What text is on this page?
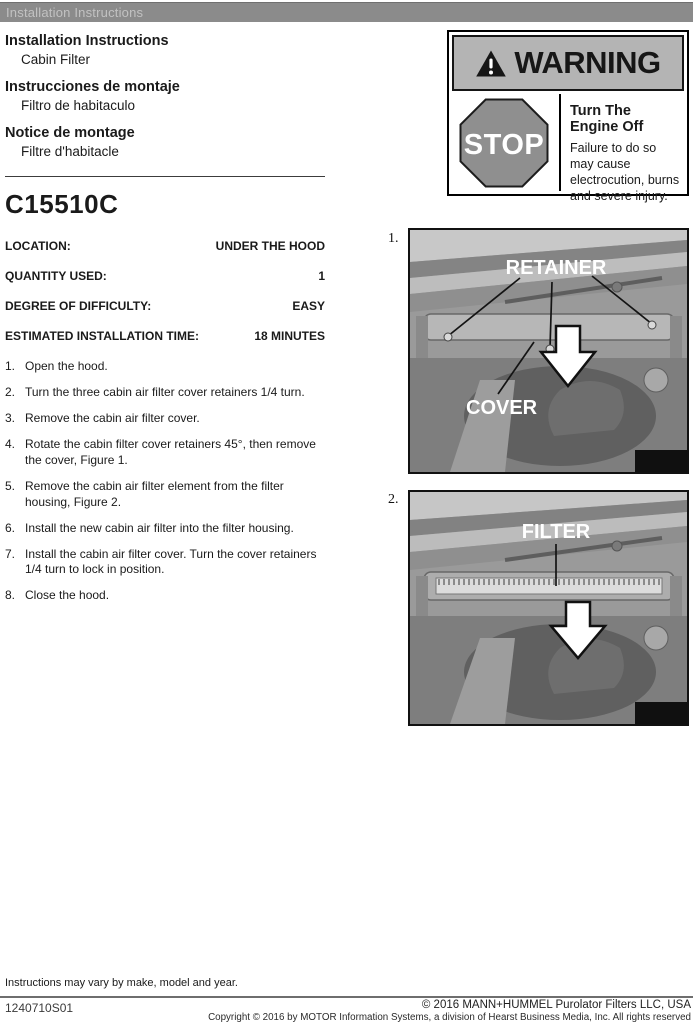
Installation Instructions
Installation Instructions
Cabin Filter
Instrucciones de montaje
Filtro de habitaculo
Notice de montage
Filtre d'habitacle
C15510C
LOCATION:	UNDER THE HOOD
QUANTITY USED:	1
DEGREE OF DIFFICULTY:	EASY
ESTIMATED INSTALLATION TIME:	18 MINUTES
1. Open the hood.
2. Turn the three cabin air filter cover retainers 1/4 turn.
3. Remove the cabin air filter cover.
4. Rotate the cabin filter cover retainers 45°, then remove the cover, Figure 1.
5. Remove the cabin air filter element from the filter housing, Figure 2.
6. Install the new cabin air filter into the filter housing.
7. Install the cabin air filter cover. Turn the cover retainers 1/4 turn to lock in position.
8. Close the hood.
WARNING
STOP
Turn The Engine Off
Failure to do so may cause electrocution, burns and severe injury.
1.
RETAINER
COVER
2.
FILTER
Instructions may vary by make, model and year.
1240710S01	© 2016 MANN+HUMMEL Purolator Filters LLC, USA
Copyright © 2016 by MOTOR Information Systems, a division of Hearst Business Media, Inc. All rights reserved
